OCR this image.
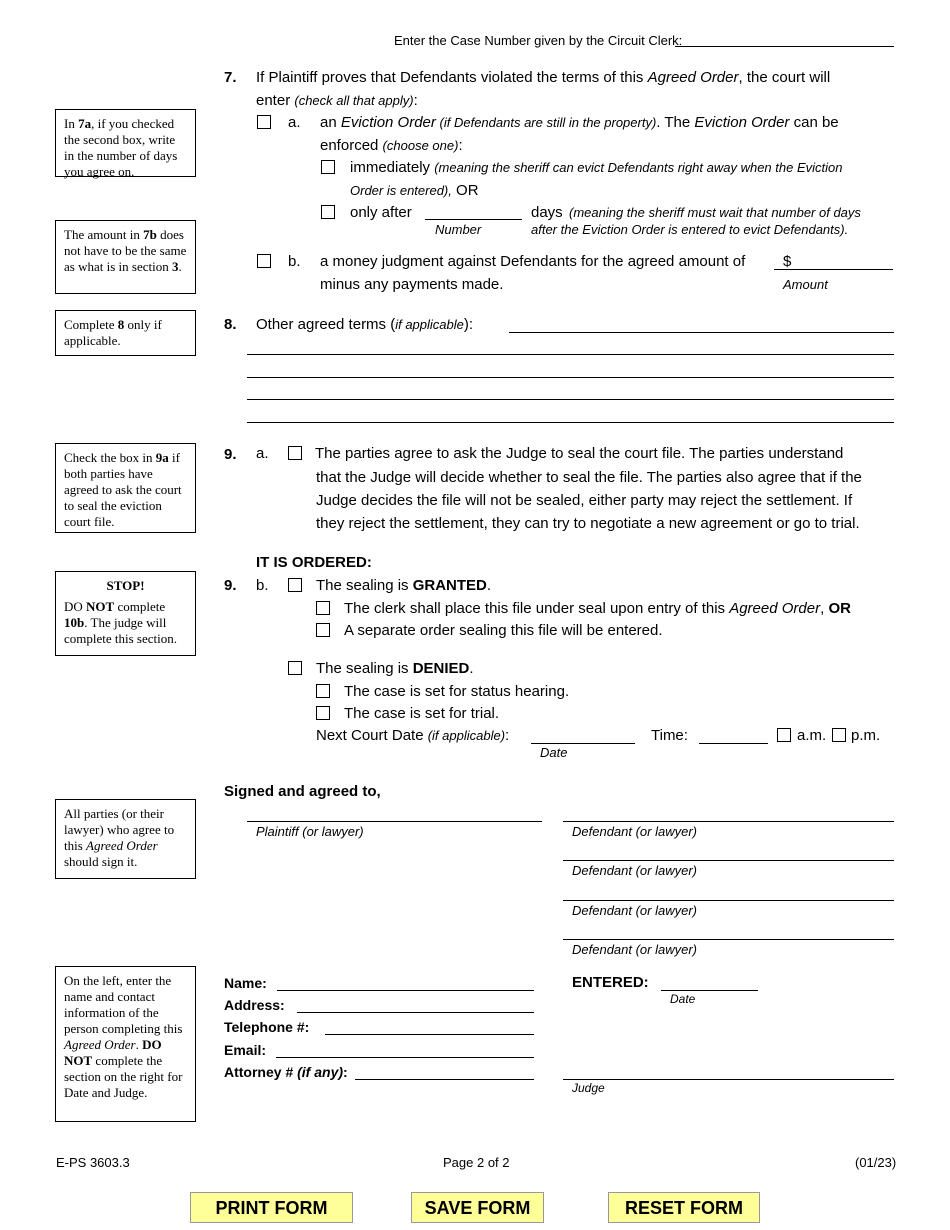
Enter the Case Number given by the Circuit Clerk:
In 7a, if you checked the second box, write in the number of days you agree on.
The amount in 7b does not have to be the same as what is in section 3.
Complete 8 only if applicable.
Check the box in 9a if both parties have agreed to ask the court to seal the eviction court file.
STOP!
DO NOT complete 10b. The judge will complete this section.
All parties (or their lawyer) who agree to this Agreed Order should sign it.
On the left, enter the name and contact information of the person completing this Agreed Order. DO NOT complete the section on the right for Date and Judge.
7. If Plaintiff proves that Defendants violated the terms of this Agreed Order, the court will
enter (check all that apply):
a. an Eviction Order (if Defendants are still in the property). The Eviction Order can be
enforced (choose one):
immediately (meaning the sheriff can evict Defendants right away when the Eviction
Order is entered), OR
only after
Number
days (meaning the sheriff must wait that number of days
after the Eviction Order is entered to evict Defendants).
b. a money judgment against Defendants for the agreed amount of
minus any payments made.
$
Amount
8. Other agreed terms (if applicable):
9. a.	The parties agree to ask the Judge to seal the court file. The parties understand
that the Judge will decide whether to seal the file. The parties also agree that if the
Judge decides the file will not be sealed, either party may reject the settlement. If
they reject the settlement, they can try to negotiate a new agreement or go to trial.
IT IS ORDERED:
9. b.	The sealing is GRANTED.
The clerk shall place this file under seal upon entry of this Agreed Order, OR
A separate order sealing this file will be entered.
The sealing is DENIED.
The case is set for status hearing.
The case is set for trial.
Next Court Date (if applicable):
Date
Time:	a.m. p.m.
Signed and agreed to,
Plaintiff (or lawyer)	Defendant (or lawyer)
Defendant (or lawyer)
Defendant (or lawyer)
Defendant (or lawyer)
Name:
Address:
Telephone #:
Email:
Attorney # (if any):
ENTERED:
Date
Judge
E-PS 3603.3	Page 2 of 2	(01/23)
PRINT FORM	SAVE FORM	RESET FORM
